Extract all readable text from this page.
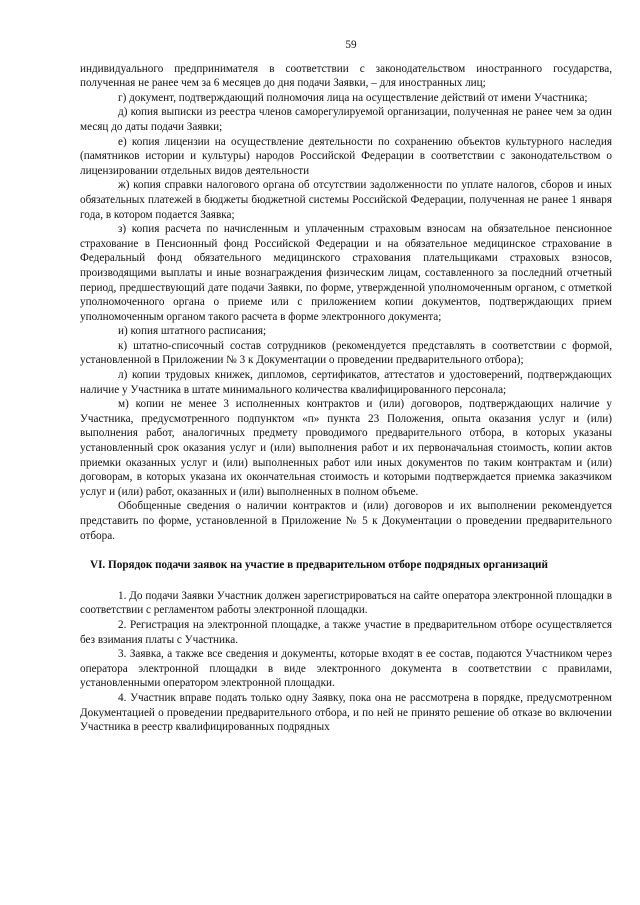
59

индивидуального предпринимателя в соответствии с законодательством иностранного государства, полученная не ранее чем за 6 месяцев до дня подачи Заявки, – для иностранных лиц;

г) документ, подтверждающий полномочия лица на осуществление действий от имени Участника;

д) копия выписки из реестра членов саморегулируемой организации, полученная не ранее чем за один месяц до даты подачи Заявки;

е) копия лицензии на осуществление деятельности по сохранению объектов культурного наследия (памятников истории и культуры) народов Российской Федерации в соответствии с законодательством о лицензировании отдельных видов деятельности

ж) копия справки налогового органа об отсутствии задолженности по уплате налогов, сборов и иных обязательных платежей в бюджеты бюджетной системы Российской Федерации, полученная не ранее 1 января года, в котором подается Заявка;

з) копия расчета по начисленным и уплаченным страховым взносам на обязательное пенсионное страхование в Пенсионный фонд Российской Федерации и на обязательное медицинское страхование в Федеральный фонд обязательного медицинского страхования плательщиками страховых взносов, производящими выплаты и иные вознаграждения физическим лицам, составленного за последний отчетный период, предшествующий дате подачи Заявки, по форме, утвержденной уполномоченным органом, с отметкой уполномоченного органа о приеме или с приложением копии документов, подтверждающих прием уполномоченным органом такого расчета в форме электронного документа;

и) копия штатного расписания;

к) штатно-списочный состав сотрудников (рекомендуется представлять в соответствии с формой, установленной в Приложении № 3 к Документации о проведении предварительного отбора);

л) копии трудовых книжек, дипломов, сертификатов, аттестатов и удостоверений, подтверждающих наличие у Участника в штате минимального количества квалифицированного персонала;

м) копии не менее 3 исполненных контрактов и (или) договоров, подтверждающих наличие у Участника, предусмотренного подпунктом «п» пункта 23 Положения, опыта оказания услуг и (или) выполнения работ, аналогичных предмету проводимого предварительного отбора, в которых указаны установленный срок оказания услуг и (или) выполнения работ и их первоначальная стоимость, копии актов приемки оказанных услуг и (или) выполненных работ или иных документов по таким контрактам и (или) договорам, в которых указана их окончательная стоимость и которыми подтверждается приемка заказчиком услуг и (или) работ, оказанных и (или) выполненных в полном объеме.

Обобщенные сведения о наличии контрактов и (или) договоров и их выполнении рекомендуется представить по форме, установленной в Приложение № 5 к Документации о проведении предварительного отбора.

VI. Порядок подачи заявок на участие в предварительном отборе подрядных организаций

1. До подачи Заявки Участник должен зарегистрироваться на сайте оператора электронной площадки в соответствии с регламентом работы электронной площадки.

2. Регистрация на электронной площадке, а также участие в предварительном отборе осуществляется без взимания платы с Участника.

3. Заявка, а также все сведения и документы, которые входят в ее состав, подаются Участником через оператора электронной площадки в виде электронного документа в соответствии с правилами, установленными оператором электронной площадки.

4. Участник вправе подать только одну Заявку, пока она не рассмотрена в порядке, предусмотренном Документацией о проведении предварительного отбора, и по ней не принято решение об отказе во включении Участника в реестр квалифицированных подрядных
